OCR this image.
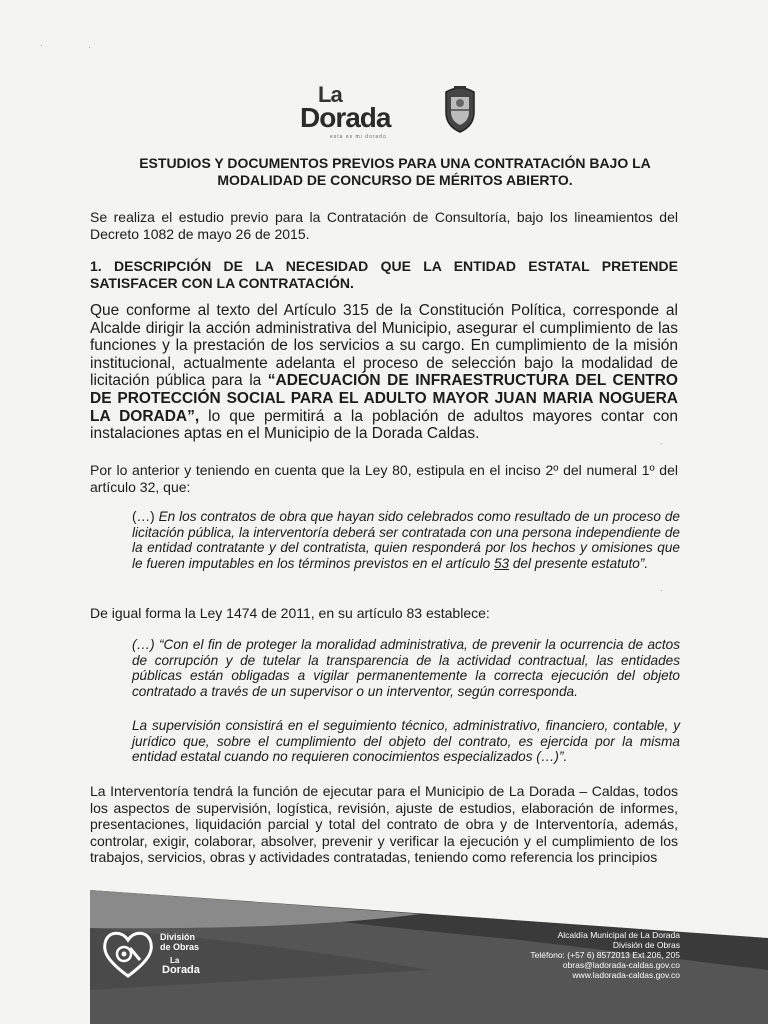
La
Dorada
esta es mi dorado
ESTUDIOS Y DOCUMENTOS PREVIOS PARA UNA CONTRATACIÓN BAJO LA MODALIDAD DE CONCURSO DE MÉRITOS ABIERTO.
Se realiza el estudio previo para la Contratación de Consultoría, bajo los lineamientos del Decreto 1082 de mayo 26 de 2015.
1. DESCRIPCIÓN DE LA NECESIDAD QUE LA ENTIDAD ESTATAL PRETENDE SATISFACER CON LA CONTRATACIÓN.
Que conforme al texto del Artículo 315 de la Constitución Política, corresponde al Alcalde dirigir la acción administrativa del Municipio, asegurar el cumplimiento de las funciones y la prestación de los servicios a su cargo. En cumplimiento de la misión institucional, actualmente adelanta el proceso de selección bajo la modalidad de licitación pública para la “ADECUACIÓN DE INFRAESTRUCTURA DEL CENTRO DE PROTECCIÓN SOCIAL PARA EL ADULTO MAYOR JUAN MARIA NOGUERA LA DORADA”, lo que permitirá a la población de adultos mayores contar con instalaciones aptas en el Municipio de la Dorada Caldas.
Por lo anterior y teniendo en cuenta que la Ley 80, estipula en el inciso 2º del numeral 1º del artículo 32, que:
(…) En los contratos de obra que hayan sido celebrados como resultado de un proceso de licitación pública, la interventoría deberá ser contratada con una persona independiente de la entidad contratante y del contratista, quien responderá por los hechos y omisiones que le fueren imputables en los términos previstos en el artículo 53 del presente estatuto”.
De igual forma la Ley 1474 de 2011, en su artículo 83 establece:
(…) “Con el fin de proteger la moralidad administrativa, de prevenir la ocurrencia de actos de corrupción y de tutelar la transparencia de la actividad contractual, las entidades públicas están obligadas a vigilar permanentemente la correcta ejecución del objeto contratado a través de un supervisor o un interventor, según corresponda.
La supervisión consistirá en el seguimiento técnico, administrativo, financiero, contable, y jurídico que, sobre el cumplimiento del objeto del contrato, es ejercida por la misma entidad estatal cuando no requieren conocimientos especializados (…)”.
La Interventoría tendrá la función de ejecutar para el Municipio de La Dorada – Caldas, todos los aspectos de supervisión, logística, revisión, ajuste de estudios, elaboración de informes, presentaciones, liquidación parcial y total del contrato de obra y de Interventoría, además, controlar, exigir, colaborar, absolver, prevenir y verificar la ejecución y el cumplimiento de los trabajos, servicios, obras y actividades contratadas, teniendo como referencia los principios
División
de Obras
La
Dorada
Alcaldía Municipal de La Dorada
División de Obras
Teléfono: (+57 6) 8572013 Ext 206, 205
obras@ladorada-caldas.gov.co
www.ladorada-caldas.gov.co
·	·
·
·
